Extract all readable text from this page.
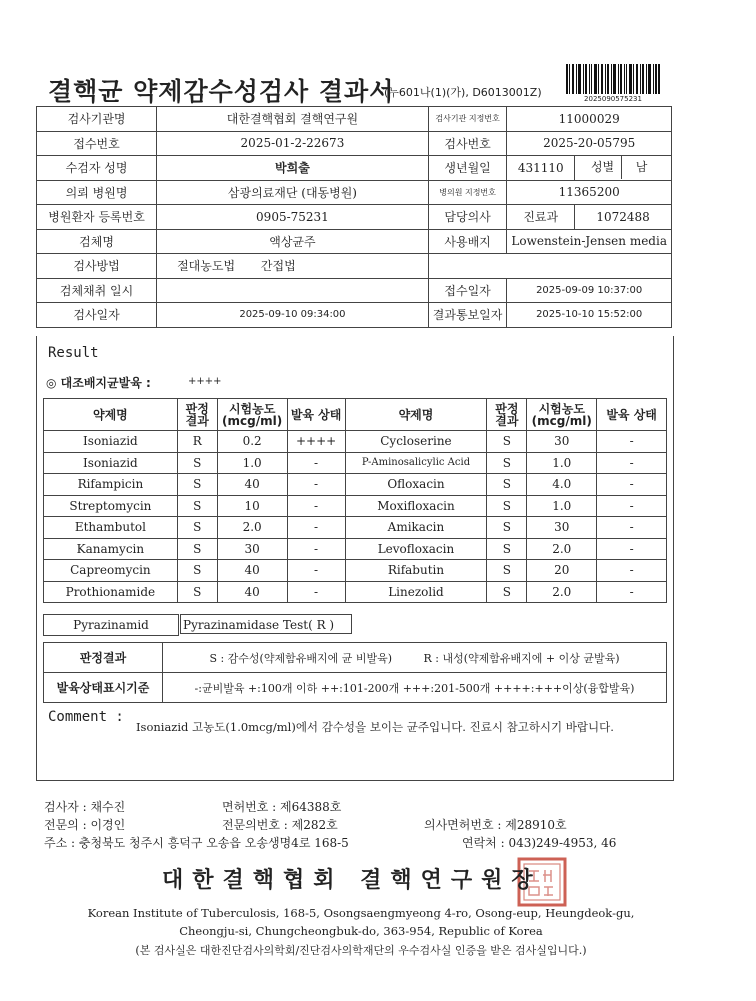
결핵균 약제감수성검사 결과서
(누601나(1)(가), D6013001Z)	2025090575231
검사기관명	대한결핵협회 결핵연구원	검사기관 지정번호	11000029	
접수번호	2025-01-2-22673	검사번호	2025-20-05795	
수검자 성명	박희출	생년월일	431110	성별 남
의뢰 병원명	삼광의료재단 (대동병원)	병의원 지정번호	11365200	
병원환자 등록번호	0905-75231	담당의사	진료과	1072488
검체명	액상균주	사용배지	Lowenstein-Jensen media	
검사방법	절대농도법 간접법			
검체채취 일시		접수일자	2025-09-09 10:37:00	
검사일자	2025-09-10 09:34:00	결과통보일자	2025-10-10 15:52:00	
Result
◎ 대조배지균발육 :	++++
약제명	판정 결과	시험농도 (mcg/ml)	발육 상태	약제명	판정 결과	시험농도 (mcg/ml)	발육 상태
Isoniazid	R	0.2	++++	Cycloserine	S	30	-
Isoniazid	S	1.0	-	P-Aminosalicylic Acid	S	1.0	-
Rifampicin	S	40	-	Ofloxacin	S	4.0	-
Streptomycin	S	10	-	Moxifloxacin	S	1.0	-
Ethambutol	S	2.0	-	Amikacin	S	30	-
Kanamycin	S	30	-	Levofloxacin	S	2.0	-
Capreomycin	S	40	-	Rifabutin	S	20	-
Prothionamide	S	40	-	Linezolid	S	2.0	-
Pyrazinamid	Pyrazinamidase Test( R )
판정결과	S : 감수성(약제함유배지에 균 비발육) R : 내성(약제함유배지에 + 이상 균발육)
발육상태표시기준	-:균비발육 +:100개 이하 ++:101-200개 +++:201-500개 ++++:+++이상(융합발육)
Comment :
Isoniazid 고농도(1.0mcg/ml)에서 감수성을 보이는 균주입니다. 진료시 참고하시기 바랍니다.
검사자 : 채수진	면허번호 : 제64388호
전문의 : 이경인	전문의번호 : 제282호	의사면허번호 : 제28910호
주소 : 충청북도 청주시 흥덕구 오송읍 오송생명4로 168-5	연락처 : 043)249-4953, 46
대한결핵협회 결핵연구원장
Korean Institute of Tuberculosis, 168-5, Osongsaengmyeong 4-ro, Osong-eup, Heungdeok-gu,
Cheongju-si, Chungcheongbuk-do, 363-954, Republic of Korea
(본 검사실은 대한진단검사의학회/진단검사의학재단의 우수검사실 인증을 받은 검사실입니다.)
